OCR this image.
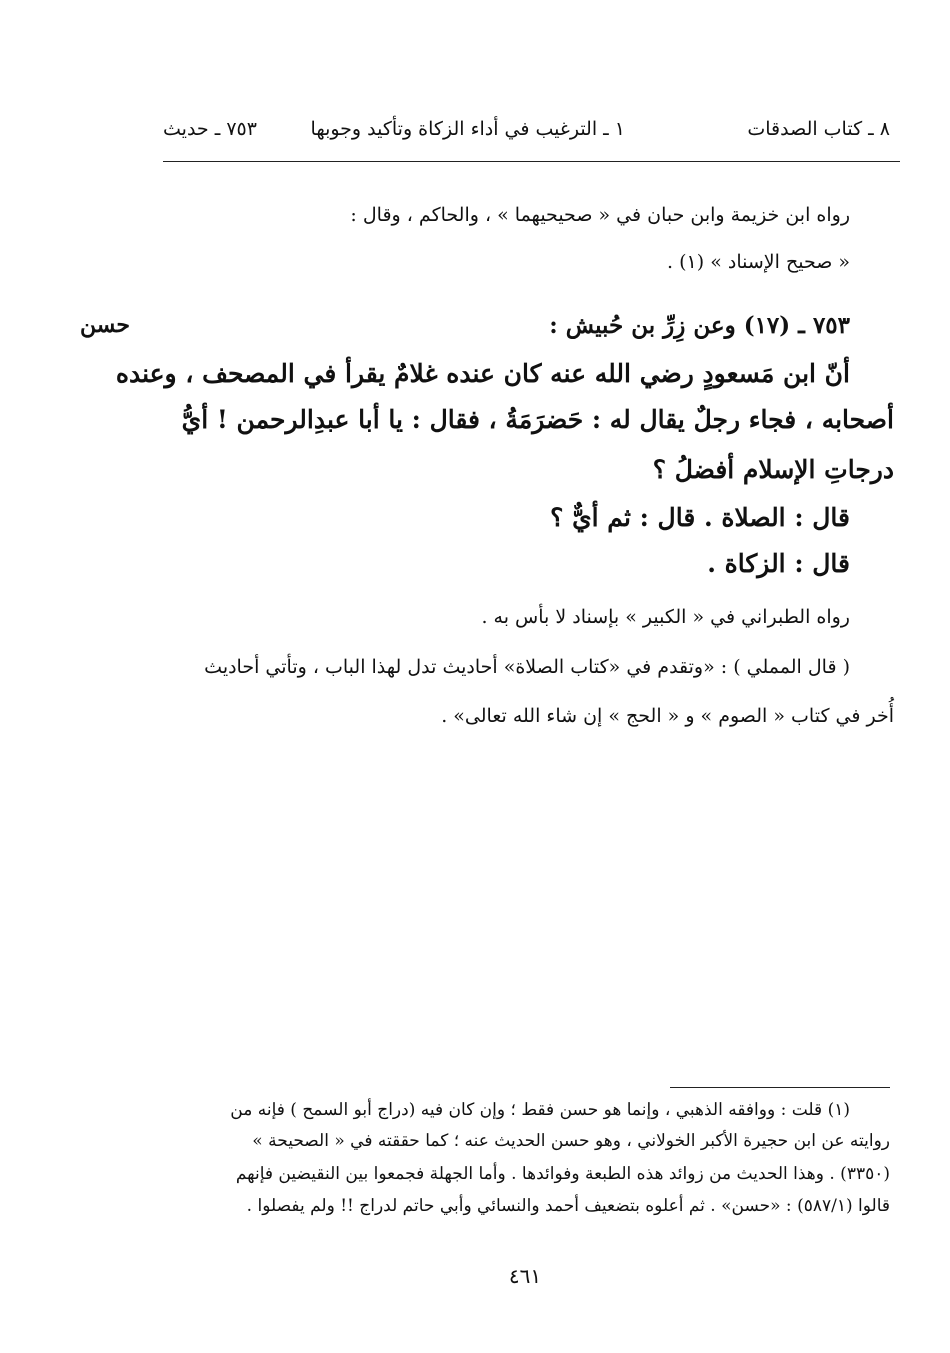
٨ ـ كتاب الصدقات
١ ـ الترغيب في أداء الزكاة وتأكيد وجوبها
٧٥٣ ـ حديث
رواه ابن خزيمة وابن حبان في « صحيحيهما » ، والحاكم ، وقال :
« صحيح الإسناد » (١) .
حسن	٧٥٣ ـ (١٧) وعن زِرِّ بن حُبيش :
أنّ ابن مَسعودٍ رضي الله عنه كان عنده غلامٌ يقرأ في المصحف ، وعنده
أصحابه ، فجاء رجلٌ يقال له : حَضرَمَةُ ، فقال : يا أبا عبدِالرحمن ! أيُّ
درجاتِ الإسلام أفضلُ ؟
قال : الصلاة . قال : ثم أيٌّ ؟
قال : الزكاة .
رواه الطبراني في « الكبير » بإسناد لا بأس به .
( قال المملي ) : «وتقدم في «كتاب الصلاة» أحاديث تدل لهذا الباب ، وتأتي أحاديث
أُخر في كتاب « الصوم » و « الحج » إن شاء الله تعالى» .
(١) قلت : ووافقه الذهبي ، وإنما هو حسن فقط ؛ وإن كان فيه (دراج أبو السمح ) فإنه من
روايته عن ابن حجيرة الأكبر الخولاني ، وهو حسن الحديث عنه ؛ كما حققته في « الصحيحة »
(٣٣٥٠) . وهذا الحديث من زوائد هذه الطبعة وفوائدها . وأما الجهلة فجمعوا بين النقيضين فإنهم
قالوا (٥٨٧/١) : «حسن» . ثم أعلوه بتضعيف أحمد والنسائي وأبي حاتم لدراج !! ولم يفصلوا .
٤٦١
